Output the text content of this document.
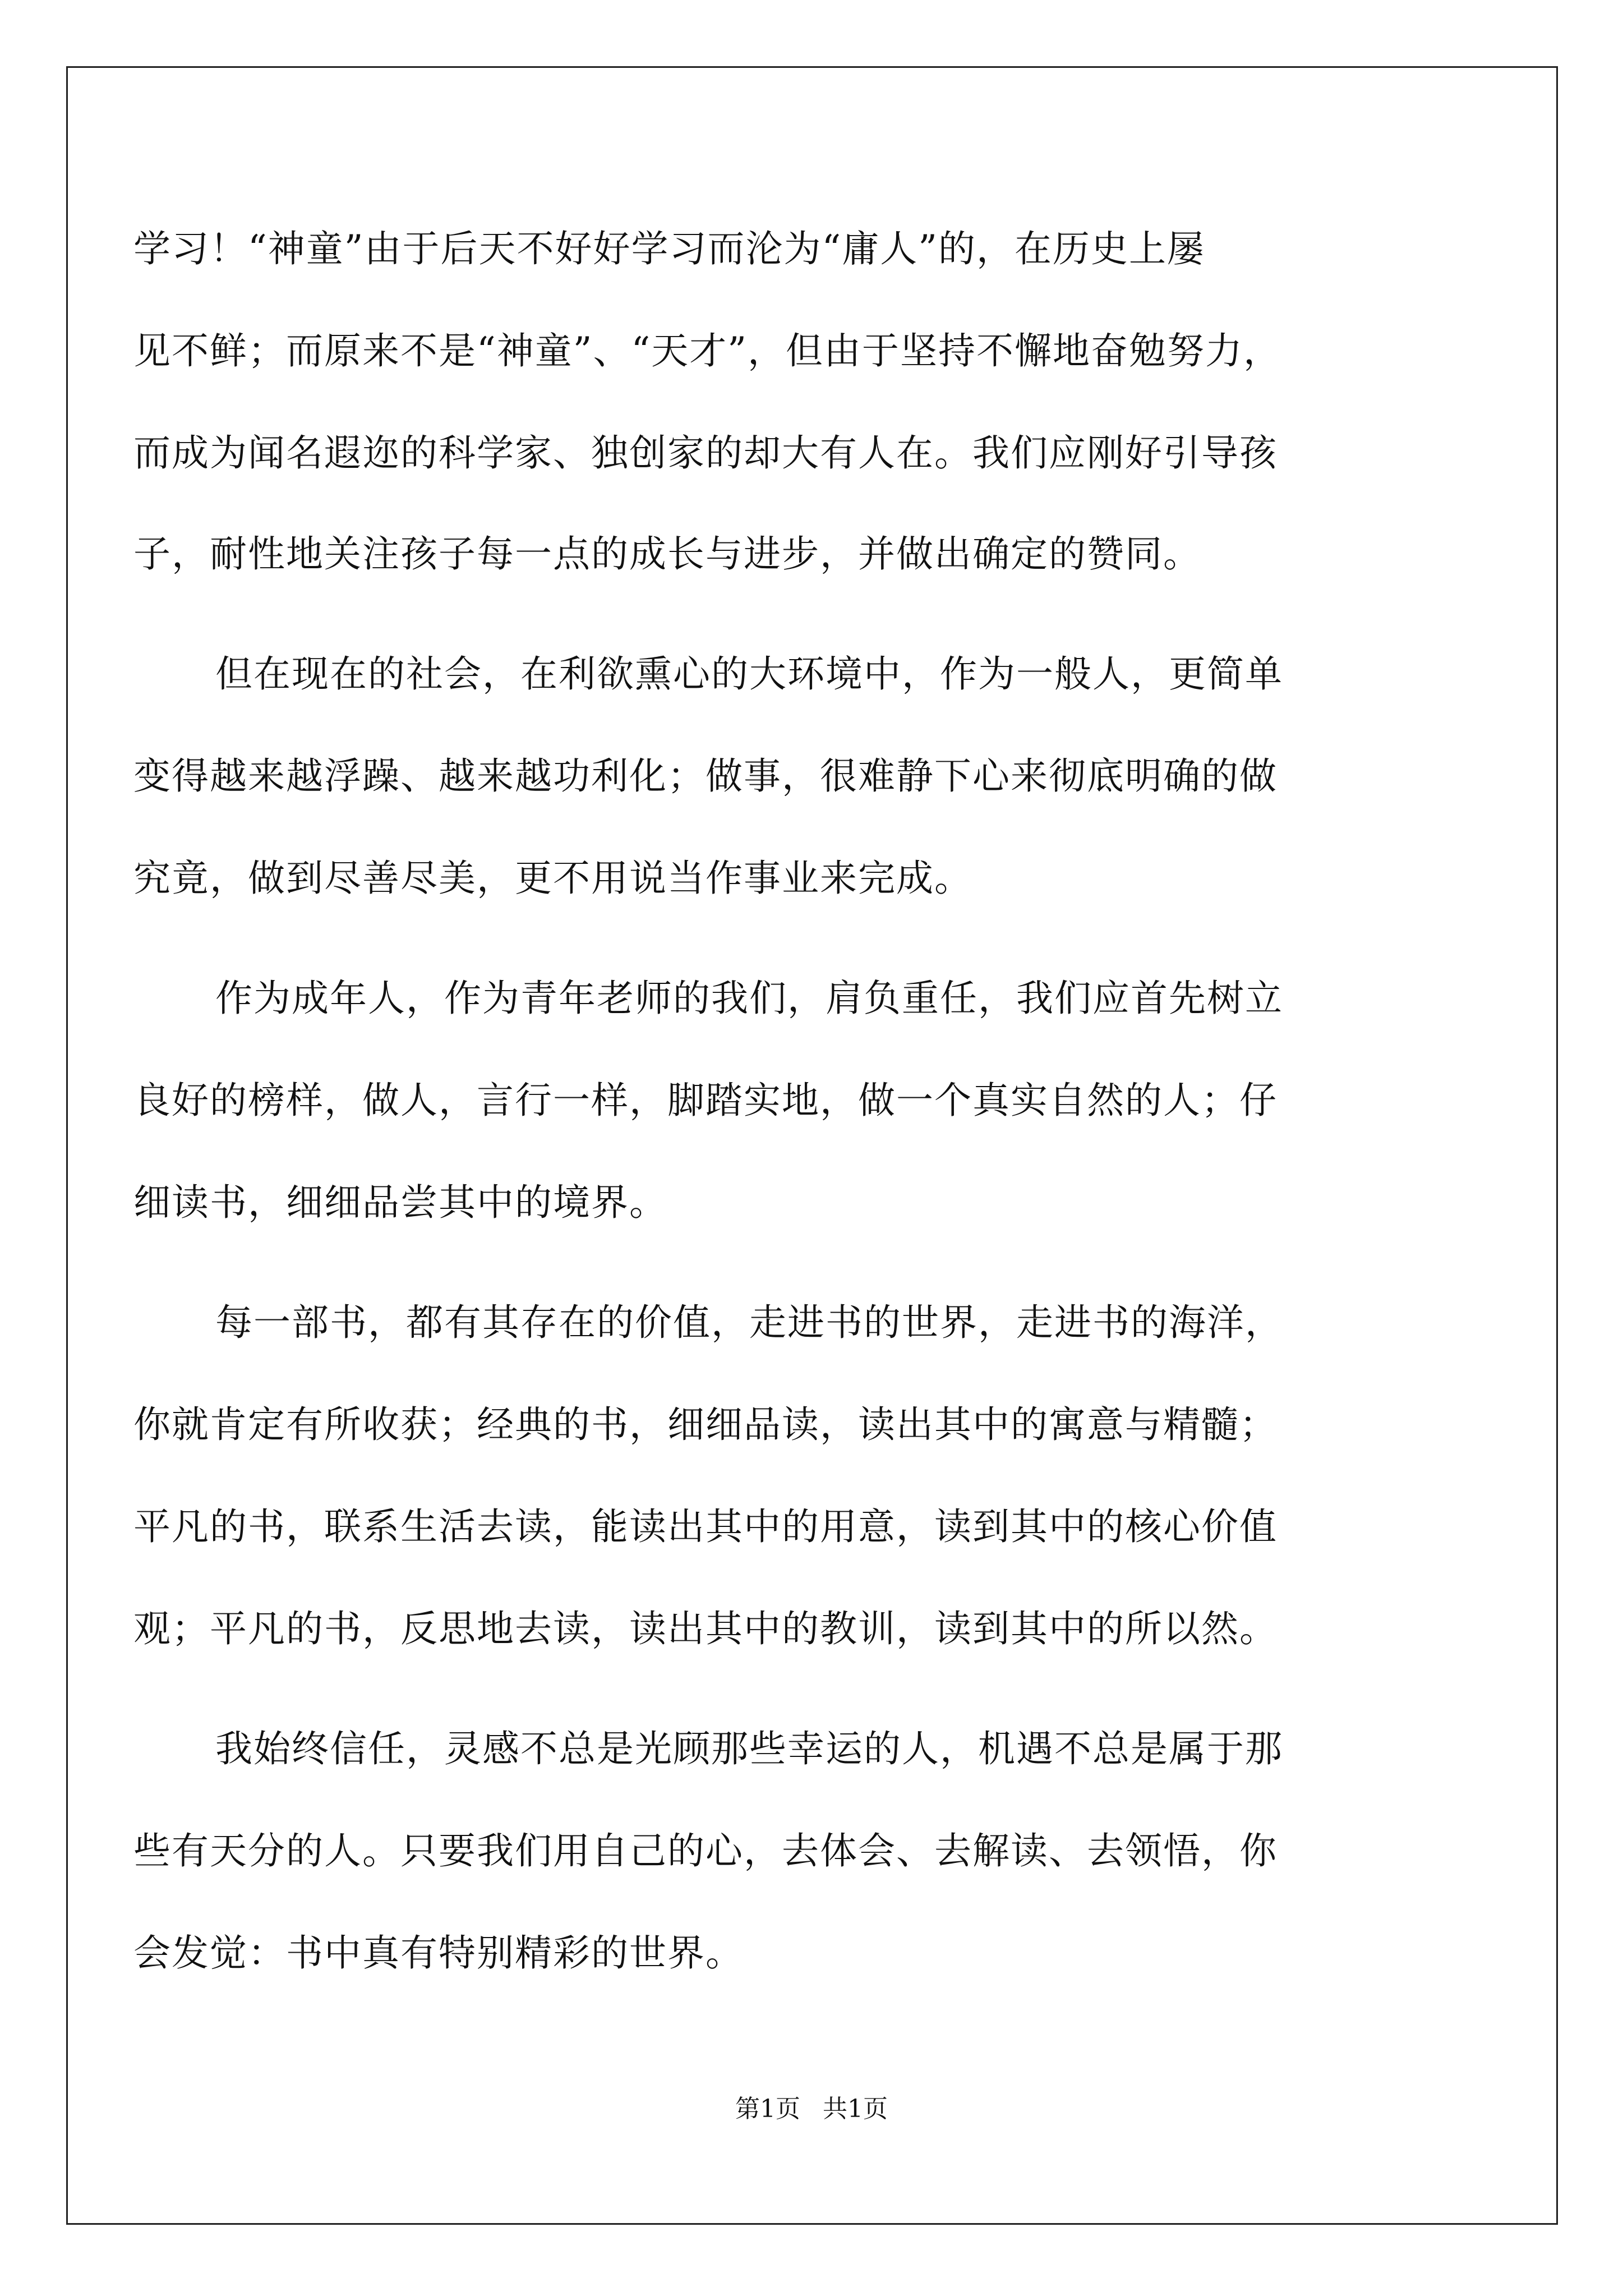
学习！“神童”由于后天不好好学习而沦为“庸人”的，在历史上屡
见不鲜；而原来不是“神童”、“天才”，但由于坚持不懈地奋勉努力，
而成为闻名遐迩的科学家、独创家的却大有人在。我们应刚好引导孩
子，耐性地关注孩子每一点的成长与进步，并做出确定的赞同。
但在现在的社会，在利欲熏心的大环境中，作为一般人，更简单
变得越来越浮躁、越来越功利化；做事，很难静下心来彻底明确的做
究竟，做到尽善尽美，更不用说当作事业来完成。
作为成年人，作为青年老师的我们，肩负重任，我们应首先树立
良好的榜样，做人，言行一样，脚踏实地，做一个真实自然的人；仔
细读书，细细品尝其中的境界。
每一部书，都有其存在的价值，走进书的世界，走进书的海洋，
你就肯定有所收获；经典的书，细细品读，读出其中的寓意与精髓；
平凡的书，联系生活去读，能读出其中的用意，读到其中的核心价值
观；平凡的书，反思地去读，读出其中的教训，读到其中的所以然。
我始终信任，灵感不总是光顾那些幸运的人，机遇不总是属于那
些有天分的人。只要我们用自己的心，去体会、去解读、去领悟，你
会发觉：书中真有特别精彩的世界。
第1页 共1页
